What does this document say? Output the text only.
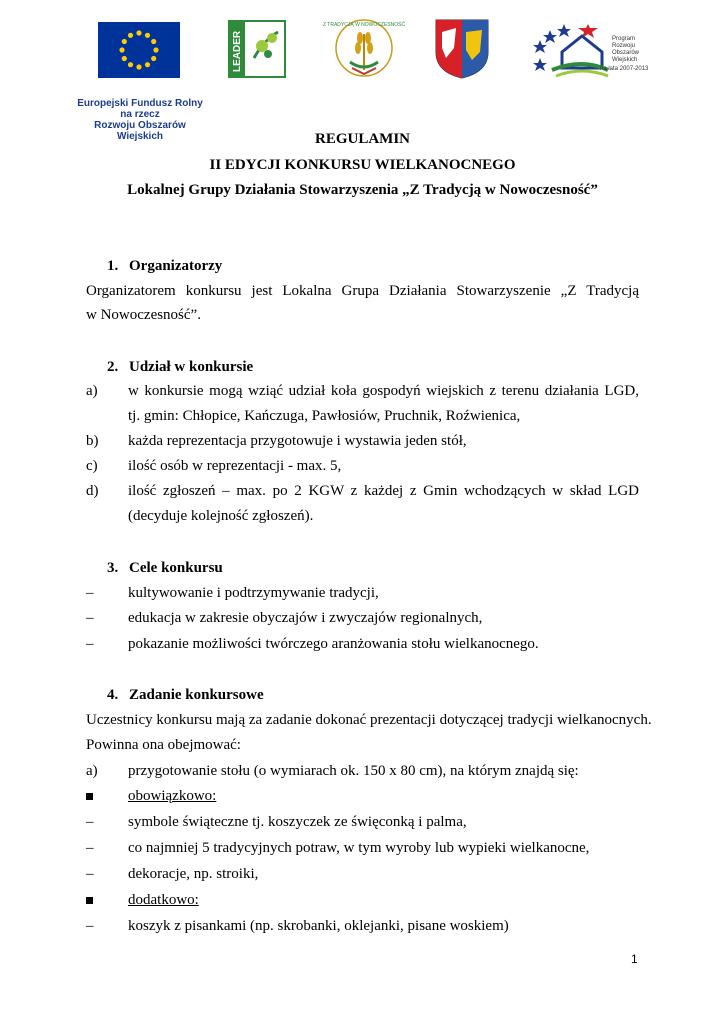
Europejski Fundusz Rolny
na rzecz
Rozwoju Obszarów Wiejskich
LEADER
Z TRADYCJĄ W NOWOCZESNOŚĆ
Program
Rozwoju
Obszarów
Wiejskich
na lata 2007-2013
REGULAMIN
II EDYCJI KONKURSU WIELKANOCNEGO
Lokalnej Grupy Działania Stowarzyszenia „Z Tradycją w Nowoczesność”
1. Organizatorzy
Organizatorem konkursu jest Lokalna Grupa Działania Stowarzyszenie „Z Tradycją
w Nowoczesność”.
2. Udział w konkursie
a) w konkursie mogą wziąć udział koła gospodyń wiejskich z terenu działania LGD,
tj. gmin: Chłopice, Kańczuga, Pawłosiów, Pruchnik, Roźwienica,
b) każda reprezentacja przygotowuje i wystawia jeden stół,
c) ilość osób w reprezentacji - max. 5,
d) ilość zgłoszeń – max. po 2 KGW z każdej z Gmin wchodzących w skład LGD
(decyduje kolejność zgłoszeń).
3. Cele konkursu
– kultywowanie i podtrzymywanie tradycji,
– edukacja w zakresie obyczajów i zwyczajów regionalnych,
– pokazanie możliwości twórczego aranżowania stołu wielkanocnego.
4. Zadanie konkursowe
Uczestnicy konkursu mają za zadanie dokonać prezentacji dotyczącej tradycji wielkanocnych.
Powinna ona obejmować:
a) przygotowanie stołu (o wymiarach ok. 150 x 80 cm), na którym znajdą się:
obowiązkowo:
– symbole świąteczne tj. koszyczek ze święconką i palma,
– co najmniej 5 tradycyjnych potraw, w tym wyroby lub wypieki wielkanocne,
– dekoracje, np. stroiki,
dodatkowo:
– koszyk z pisankami (np. skrobanki, oklejanki, pisane woskiem)
1
